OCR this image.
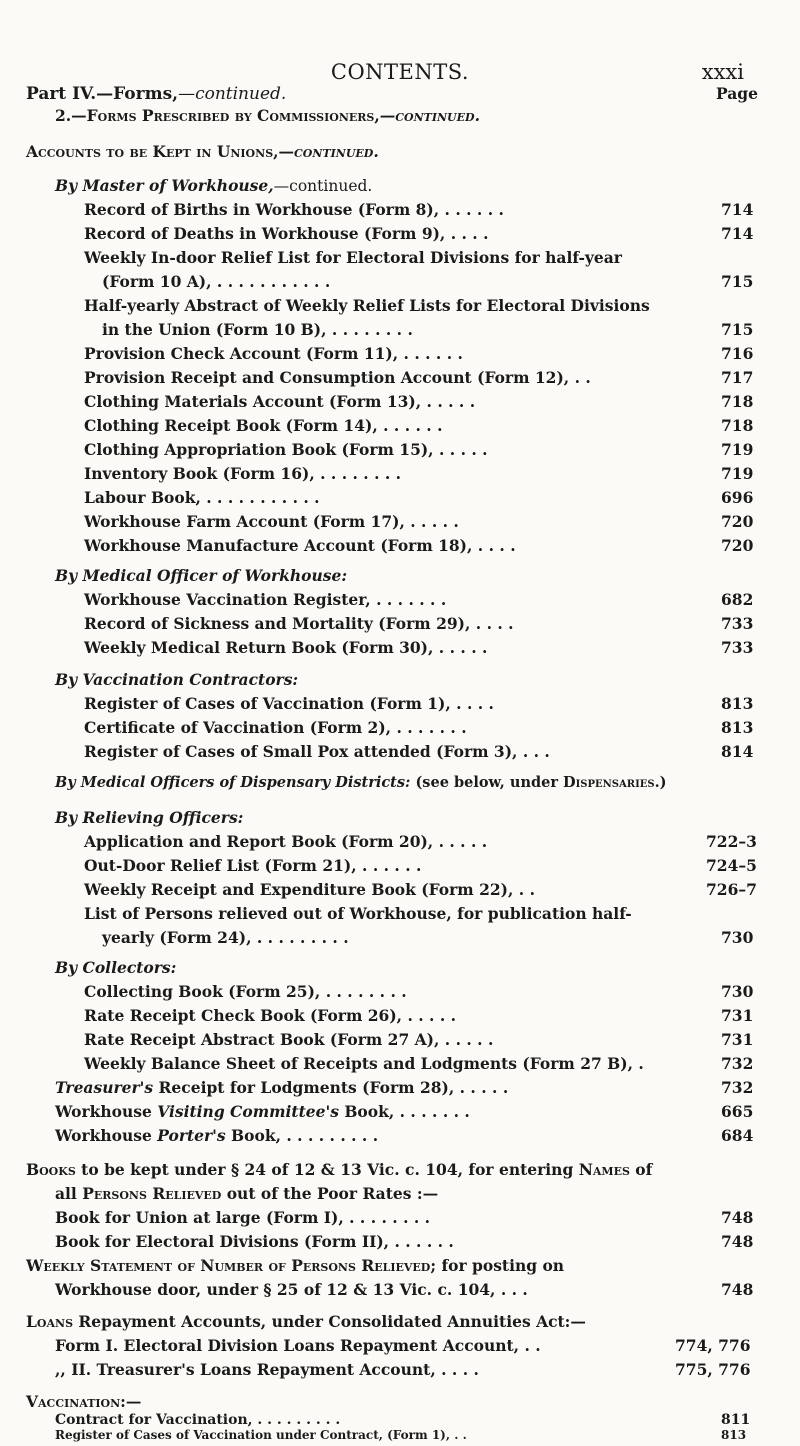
CONTENTS.	xxxi
Part IV.—Forms,—continued.	Page
2.—Forms Prescribed by Commissioners,—continued.
Accounts to be Kept in Unions,—continued.
By Master of Workhouse,—continued.
Record of Births in Workhouse (Form 8), . . . . . .	714
Record of Deaths in Workhouse (Form 9), . . . .	714
Weekly In-door Relief List for Electoral Divisions for half-year
(Form 10 A), . . . . . . . . . . .	715
Half-yearly Abstract of Weekly Relief Lists for Electoral Divisions
in the Union (Form 10 B), . . . . . . . .	715
Provision Check Account (Form 11), . . . . . .	716
Provision Receipt and Consumption Account (Form 12), . .	717
Clothing Materials Account (Form 13), . . . . .	718
Clothing Receipt Book (Form 14), . . . . . .	718
Clothing Appropriation Book (Form 15), . . . . .	719
Inventory Book (Form 16), . . . . . . . .	719
Labour Book, . . . . . . . . . . .	696
Workhouse Farm Account (Form 17), . . . . .	720
Workhouse Manufacture Account (Form 18), . . . .	720
By Medical Officer of Workhouse:
Workhouse Vaccination Register, . . . . . . .	682
Record of Sickness and Mortality (Form 29), . . . .	733
Weekly Medical Return Book (Form 30), . . . . .	733
By Vaccination Contractors:
Register of Cases of Vaccination (Form 1), . . . .	813
Certificate of Vaccination (Form 2), . . . . . . .	813
Register of Cases of Small Pox attended (Form 3), . . .	814
By Medical Officers of Dispensary Districts: (see below, under Dispensaries.)
By Relieving Officers:
Application and Report Book (Form 20), . . . . .	722–3
Out-Door Relief List (Form 21), . . . . . .	724–5
Weekly Receipt and Expenditure Book (Form 22), . .	726–7
List of Persons relieved out of Workhouse, for publication half-
yearly (Form 24), . . . . . . . . .	730
By Collectors:
Collecting Book (Form 25), . . . . . . . .	730
Rate Receipt Check Book (Form 26), . . . . .	731
Rate Receipt Abstract Book (Form 27 A), . . . . .	731
Weekly Balance Sheet of Receipts and Lodgments (Form 27 B), .	732
Treasurer's Receipt for Lodgments (Form 28), . . . . .	732
Workhouse Visiting Committee's Book, . . . . . . .	665
Workhouse Porter's Book, . . . . . . . . .	684
Books to be kept under § 24 of 12 & 13 Vic. c. 104, for entering Names of
all Persons Relieved out of the Poor Rates :—
Book for Union at large (Form I), . . . . . . . .	748
Book for Electoral Divisions (Form II), . . . . . .	748
Weekly Statement of Number of Persons Relieved; for posting on
Workhouse door, under § 25 of 12 & 13 Vic. c. 104, . . .	748
Loans Repayment Accounts, under Consolidated Annuities Act:—
Form I. Electoral Division Loans Repayment Account, . .	774, 776
,, II. Treasurer's Loans Repayment Account, . . . .	775, 776
Vaccination:—
Contract for Vaccination, . . . . . . . . .	811
Register of Cases of Vaccination under Contract, (Form 1), . .	813
